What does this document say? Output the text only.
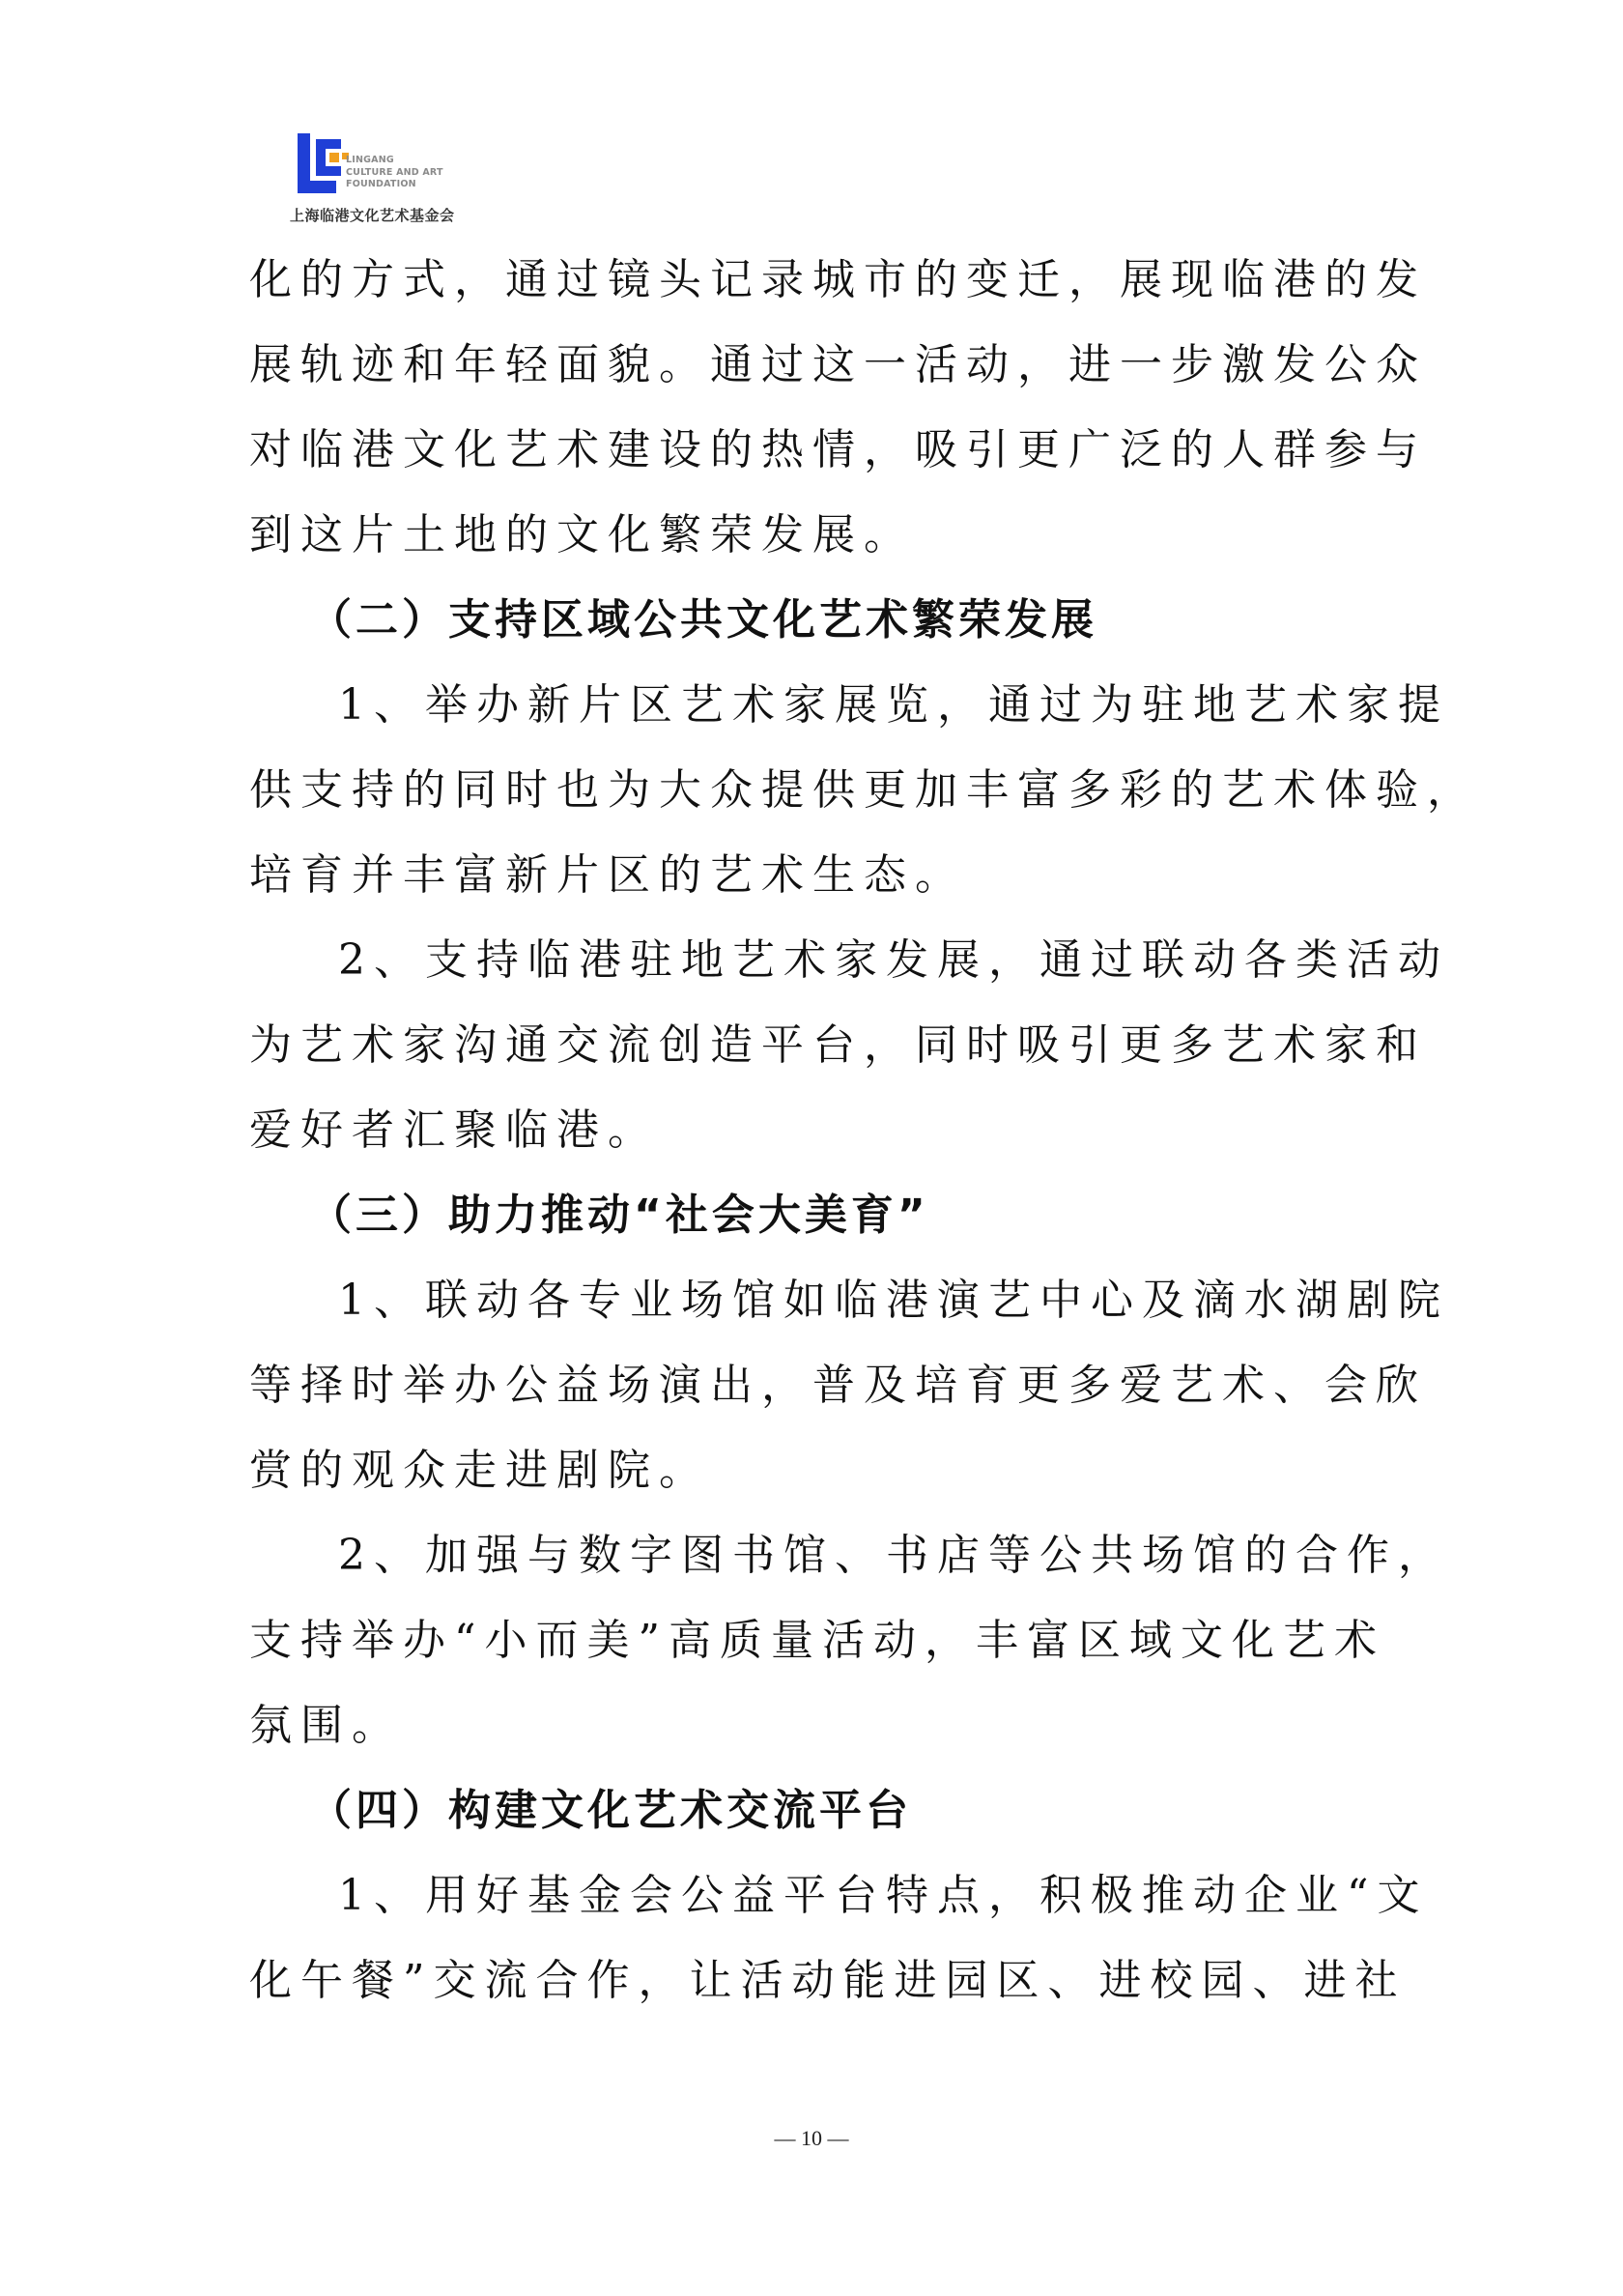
LINGANG
CULTURE AND ART
FOUNDATION
上海临港文化艺术基金会
化的方式，通过镜头记录城市的变迁，展现临港的发
展轨迹和年轻面貌。通过这一活动，进一步激发公众
对临港文化艺术建设的热情，吸引更广泛的人群参与
到这片土地的文化繁荣发展。
（二）支持区域公共文化艺术繁荣发展
1、举办新片区艺术家展览，通过为驻地艺术家提
供支持的同时也为大众提供更加丰富多彩的艺术体验，
培育并丰富新片区的艺术生态。
2、支持临港驻地艺术家发展，通过联动各类活动
为艺术家沟通交流创造平台，同时吸引更多艺术家和
爱好者汇聚临港。
（三）助力推动“社会大美育”
1、联动各专业场馆如临港演艺中心及滴水湖剧院
等择时举办公益场演出，普及培育更多爱艺术、会欣
赏的观众走进剧院。
2、加强与数字图书馆、书店等公共场馆的合作，
支持举办“小而美”高质量活动，丰富区域文化艺术
氛围。
（四）构建文化艺术交流平台
1、用好基金会公益平台特点，积极推动企业“文
化午餐”交流合作，让活动能进园区、进校园、进社
— 10 —
